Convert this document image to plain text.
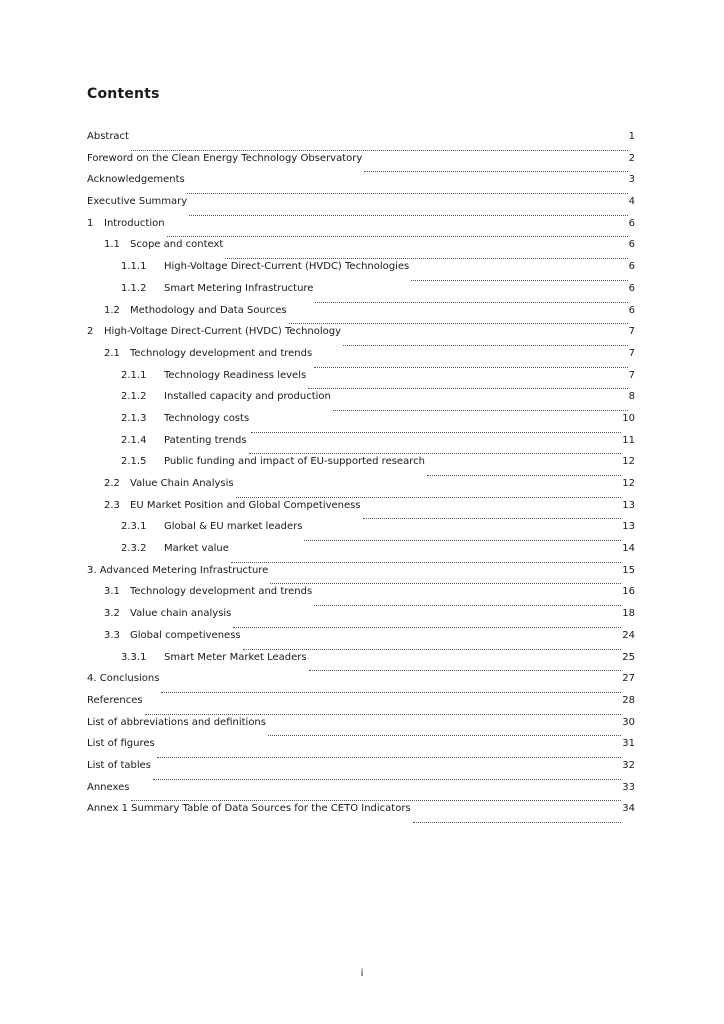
Contents
Abstract	1
Foreword on the Clean Energy Technology Observatory	2
Acknowledgements	3
Executive Summary	4
1	Introduction	6
1.1	Scope and context	6
1.1.1	High-Voltage Direct-Current (HVDC) Technologies	6
1.1.2	Smart Metering Infrastructure	6
1.2	Methodology and Data Sources	6
2	High-Voltage Direct-Current (HVDC) Technology	7
2.1	Technology development and trends	7
2.1.1	Technology Readiness levels	7
2.1.2	Installed capacity and production	8
2.1.3	Technology costs	10
2.1.4	Patenting trends	11
2.1.5	Public funding and impact of EU-supported research	12
2.2	Value Chain Analysis	12
2.3	EU Market Position and Global Competiveness	13
2.3.1	Global & EU market leaders	13
2.3.2	Market value	14
3. Advanced Metering Infrastructure	15
3.1	Technology development and trends	16
3.2	Value chain analysis	18
3.3	Global competiveness	24
3.3.1	Smart Meter Market Leaders	25
4. Conclusions	27
References	28
List of abbreviations and definitions	30
List of figures	31
List of tables	32
Annexes	33
Annex 1 Summary Table of Data Sources for the CETO Indicators	34
i
